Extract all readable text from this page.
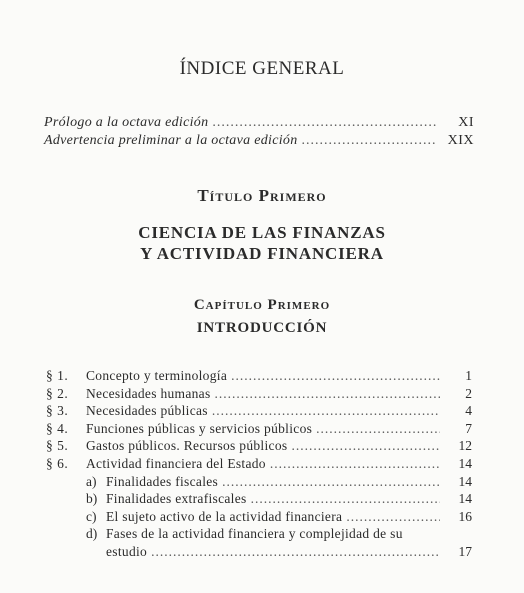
ÍNDICE GENERAL
Prólogo a la octava edición .....	XI
Advertencia preliminar a la octava edición .....	XIX
Título Primero
CIENCIA DE LAS FINANZAS
Y ACTIVIDAD FINANCIERA
Capítulo Primero
INTRODUCCIÓN
§ 1.	Concepto y terminología .....	1
§ 2.	Necesidades humanas .....	2
§ 3.	Necesidades públicas .....	4
§ 4.	Funciones públicas y servicios públicos .....	7
§ 5.	Gastos públicos. Recursos públicos .....	12
§ 6.	Actividad financiera del Estado .....	14
a) Finalidades fiscales .....	14
b) Finalidades extrafiscales .....	14
c) El sujeto activo de la actividad financiera .....	16
d) Fases de la actividad financiera y complejidad de su
estudio .....	17
